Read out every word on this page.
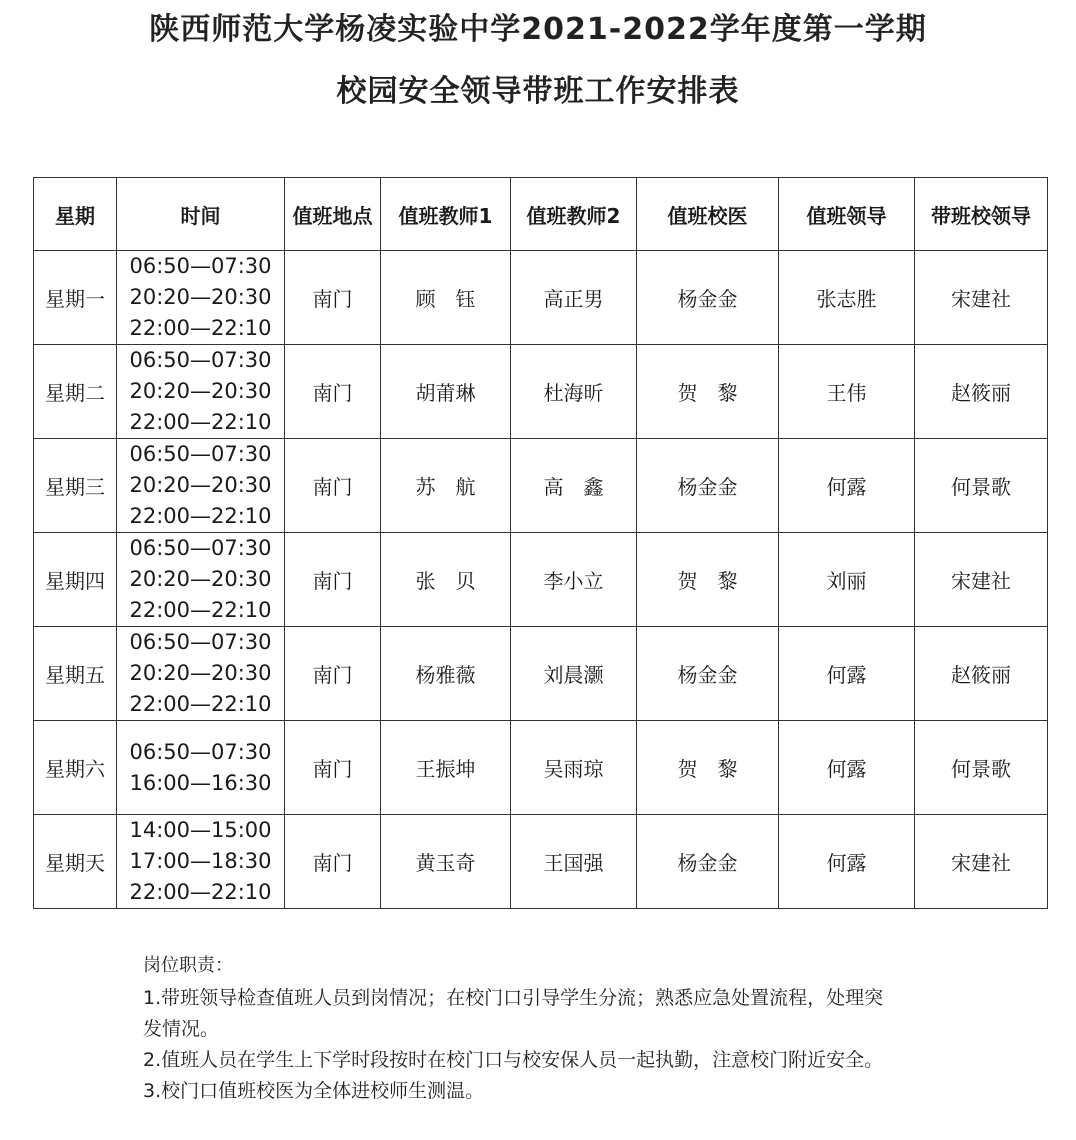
陕西师范大学杨凌实验中学2021-2022学年度第一学期
校园安全领导带班工作安排表
星期	时间	值班地点	值班教师1	值班教师2	值班校医	值班领导	带班校领导
星期一	06:50—07:30
20:20—20:30
22:00—22:10	南门	顾　钰	高正男	杨金金	张志胜	宋建社
星期二	06:50—07:30
20:20—20:30
22:00—22:10	南门	胡莆琳	杜海昕	贺　黎	王伟	赵筱丽
星期三	06:50—07:30
20:20—20:30
22:00—22:10	南门	苏　航	高　鑫	杨金金	何露	何景歌
星期四	06:50—07:30
20:20—20:30
22:00—22:10	南门	张　贝	李小立	贺　黎	刘丽	宋建社
星期五	06:50—07:30
20:20—20:30
22:00—22:10	南门	杨雅薇	刘晨灏	杨金金	何露	赵筱丽
星期六	06:50—07:30
16:00—16:30	南门	王振坤	吴雨琼	贺　黎	何露	何景歌
星期天	14:00—15:00
17:00—18:30
22:00—22:10	南门	黄玉奇	王国强	杨金金	何露	宋建社
岗位职责：
1.带班领导检查值班人员到岗情况；在校门口引导学生分流；熟悉应急处置流程，处理突
发情况。
2.值班人员在学生上下学时段按时在校门口与校安保人员一起执勤，注意校门附近安全。
3.校门口值班校医为全体进校师生测温。
